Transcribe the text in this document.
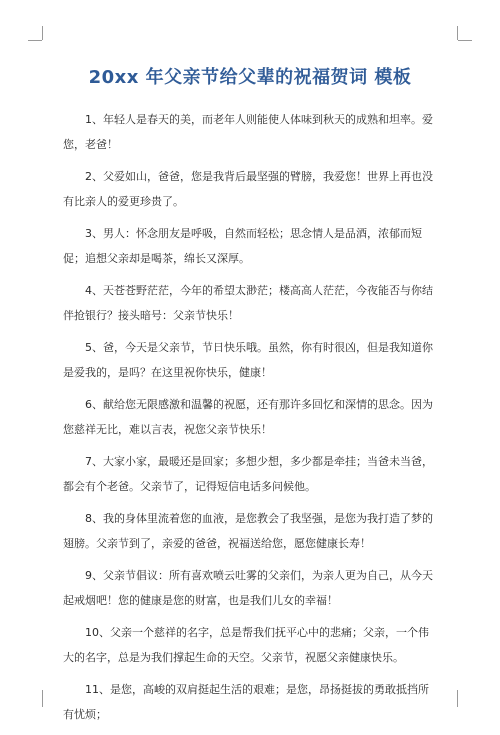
20xx 年父亲节给父辈的祝福贺词 模板

1、年轻人是春天的美，而老年人则能使人体味到秋天的成熟和坦率。爱您，老爸！

2、父爱如山，爸爸，您是我背后最坚强的臂膀，我爱您！世界上再也没有比亲人的爱更珍贵了。

3、男人：怀念朋友是呼吸，自然而轻松；思念情人是品酒，浓郁而短促；追想父亲却是喝茶，绵长又深厚。

4、天苍苍野茫茫，今年的希望太渺茫；楼高高人茫茫，今夜能否与你结伴抢银行？接头暗号：父亲节快乐！

5、爸，今天是父亲节，节日快乐哦。虽然，你有时很凶，但是我知道你是爱我的，是吗？在这里祝你快乐，健康！

6、献给您无限感激和温馨的祝愿，还有那许多回忆和深情的思念。因为您慈祥无比，难以言表，祝您父亲节快乐！

7、大家小家，最暖还是回家；多想少想，多少都是牵挂；当爸未当爸，都会有个老爸。父亲节了，记得短信电话多问候他。

8、我的身体里流着您的血液，是您教会了我坚强，是您为我打造了梦的翅膀。父亲节到了，亲爱的爸爸，祝福送给您，愿您健康长寿！

9、父亲节倡议：所有喜欢喷云吐雾的父亲们，为亲人更为自己，从今天起戒烟吧！您的健康是您的财富，也是我们儿女的幸福！

10、父亲一个慈祥的名字，总是帮我们抚平心中的悲痛；父亲，一个伟大的名字，总是为我们撑起生命的天空。父亲节，祝愿父亲健康快乐。

11、是您，高峻的双肩挺起生活的艰难；是您，昂扬挺拔的勇敢抵挡所有忧烦；
